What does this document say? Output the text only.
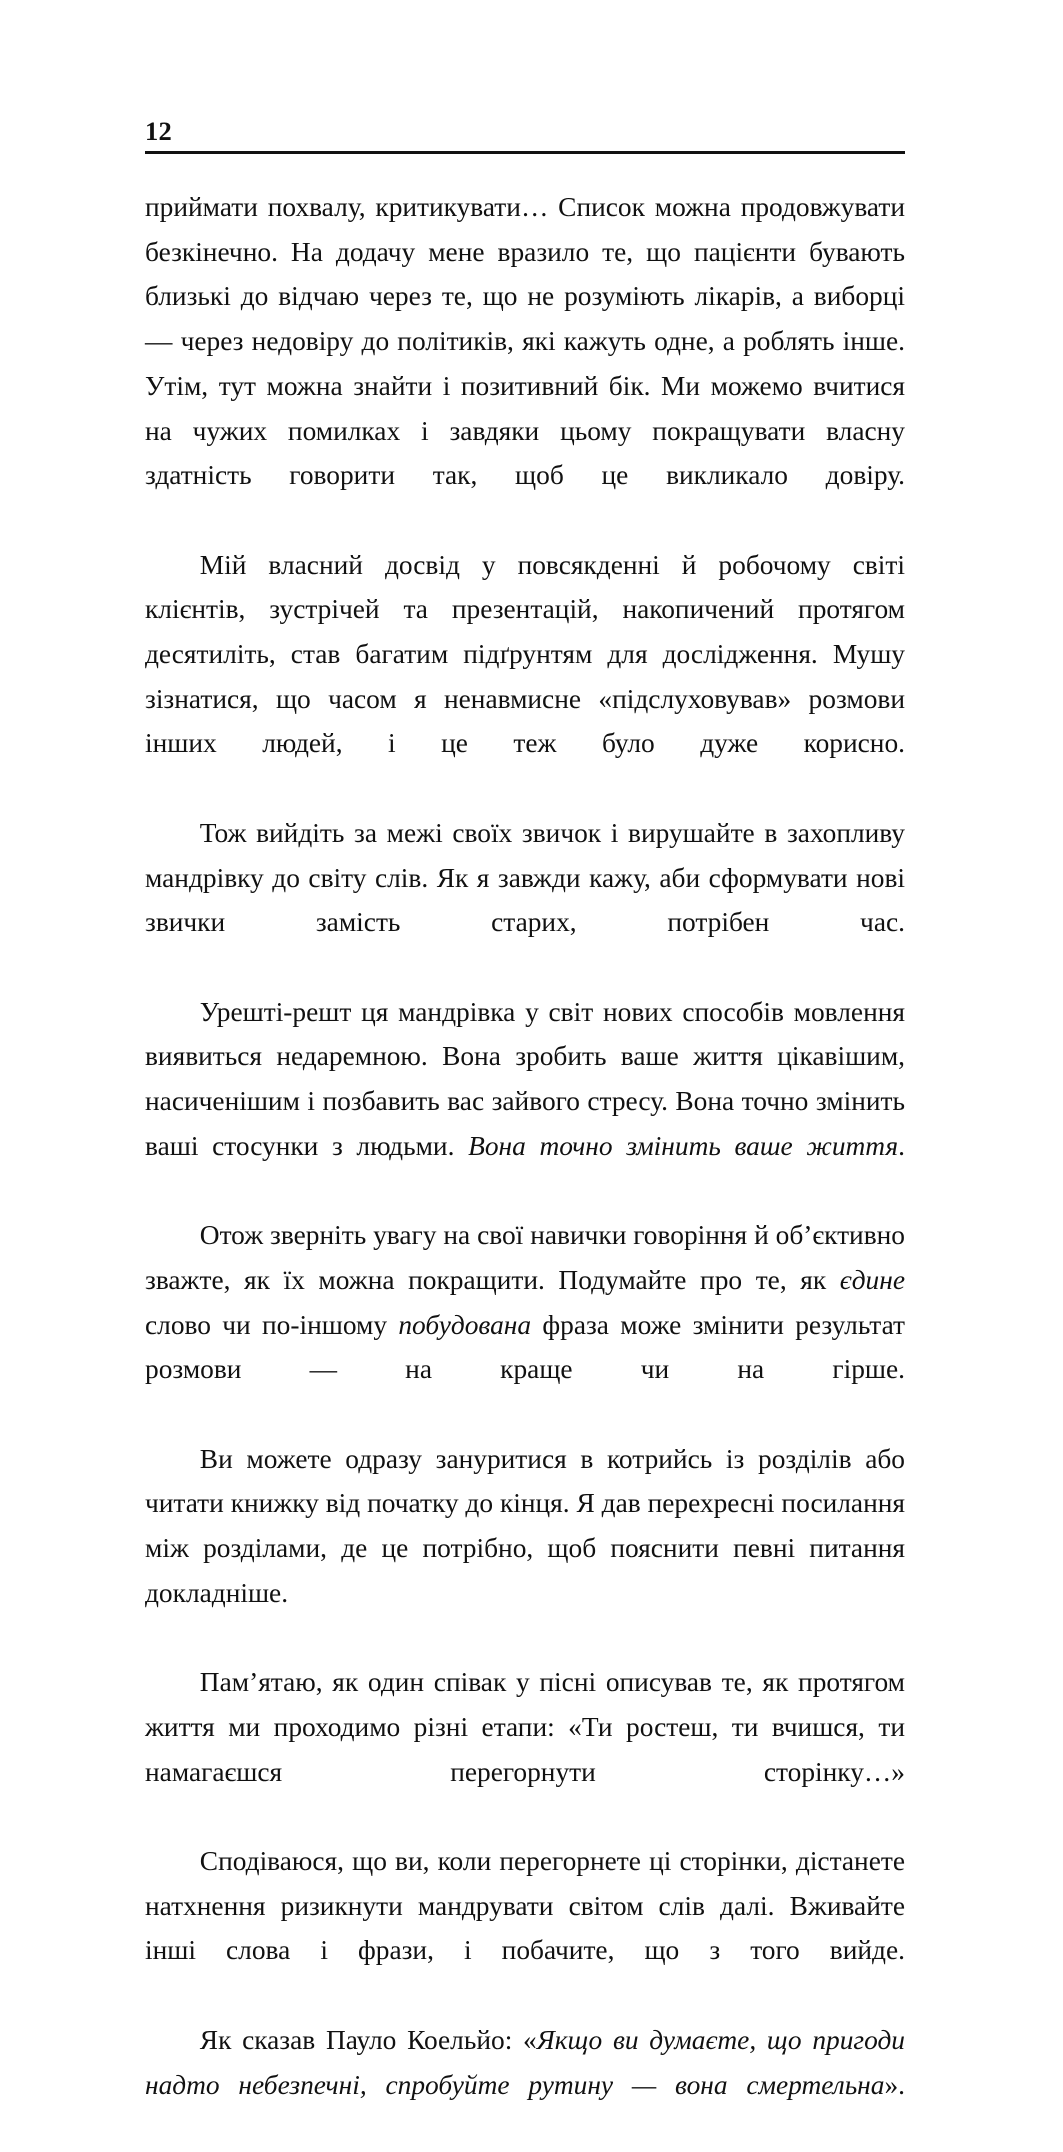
12

приймати похвалу, критикувати… Список можна продовжувати безкінечно. На додачу мене вразило те, що пацієнти бувають близькі до відчаю через те, що не розуміють лікарів, а виборці — через недовіру до політиків, які кажуть одне, а роблять інше. Утім, тут можна знайти і позитивний бік. Ми можемо вчитися на чужих помилках і завдяки цьому покращувати власну здатність говорити так, щоб це викликало довіру.

Мій власний досвід у повсякденні й робочому світі клієнтів, зустрічей та презентацій, накопичений протягом десятиліть, став багатим підґрунтям для дослідження. Мушу зізнатися, що часом я ненавмисне «підслуховував» розмови інших людей, і це теж було дуже корисно.

Тож вийдіть за межі своїх звичок і вирушайте в захопливу мандрівку до світу слів. Як я завжди кажу, аби сформувати нові звички замість старих, потрібен час.

Урешті-решт ця мандрівка у світ нових способів мовлення виявиться недаремною. Вона зробить ваше життя цікавішим, насиченішим і позбавить вас зайвого стресу. Вона точно змінить ваші стосунки з людьми. Вона точно змінить ваше життя.

Отож зверніть увагу на свої навички говоріння й об’єктивно зважте, як їх можна покращити. Подумайте про те, як єдине слово чи по-іншому побудована фраза може змінити результат розмови — на краще чи на гірше.

Ви можете одразу зануритися в котрийсь із розділів або читати книжку від початку до кінця. Я дав перехресні посилання між розділами, де це потрібно, щоб пояснити певні питання докладніше.

Пам’ятаю, як один співак у пісні описував те, як протягом життя ми проходимо різні етапи: «Ти ростеш, ти вчишся, ти намагаєшся перегорнути сторінку…»

Сподіваюся, що ви, коли перегорнете ці сторінки, дістанете натхнення ризикнути мандрувати світом слів далі. Вживайте інші слова і фрази, і побачите, що з того вийде.

Як сказав Пауло Коельйо: «Якщо ви думаєте, що пригоди надто небезпечні, спробуйте рутину — вона смертельна».
